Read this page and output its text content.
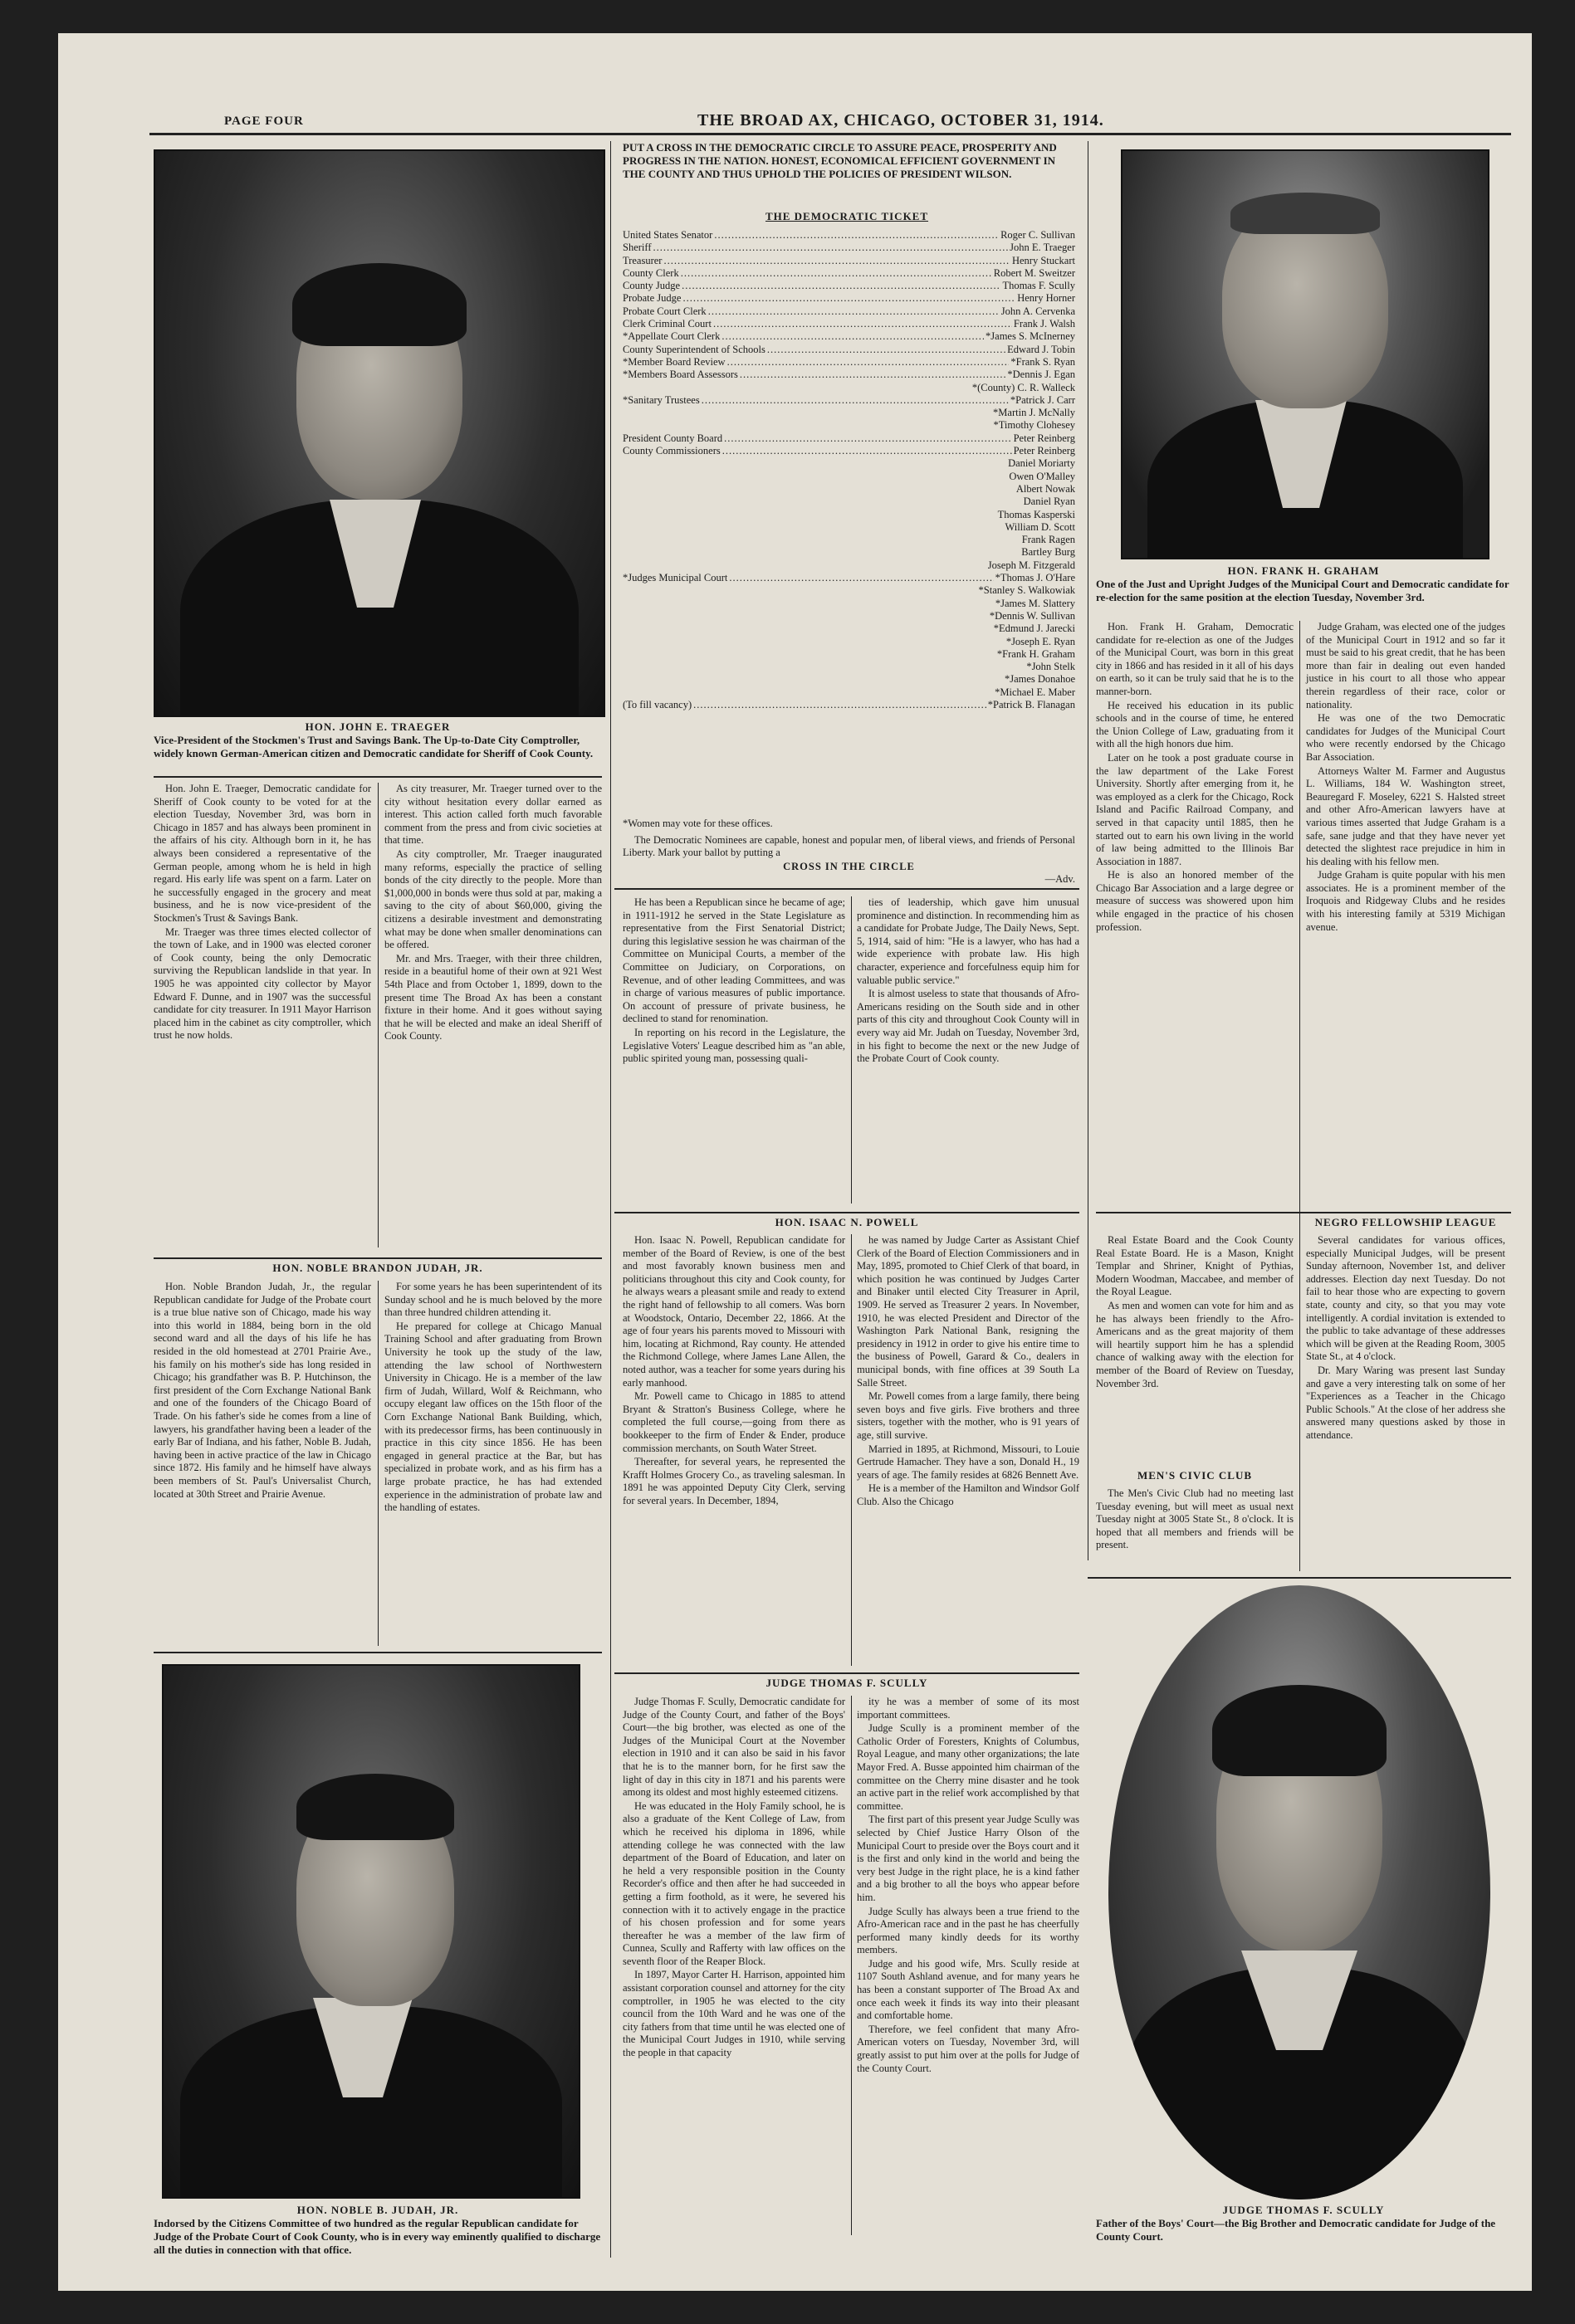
PAGE FOUR	THE BROAD AX, CHICAGO, OCTOBER 31, 1914.
HON. JOHN E. TRAEGER
Vice-President of the Stockmen's Trust and Savings Bank. The Up-to-Date City Comptroller, widely known German-American citizen and Democratic candidate for Sheriff of Cook County.

Hon. John E. Traeger, Democratic candidate for Sheriff of Cook county to be voted for at the election Tuesday, November 3rd, was born in Chicago in 1857 and has always been prominent in the affairs of his city. Although born in it, he has always been considered a representative of the German people, among whom he is held in high regard. His early life was spent on a farm. Later on he successfully engaged in the grocery and meat business, and he is now vice-president of the Stockmen's Trust & Savings Bank.

Mr. Traeger was three times elected collector of the town of Lake, and in 1900 was elected coroner of Cook county, being the only Democratic surviving the Republican landslide in that year. In 1905 he was appointed city collector by Mayor Edward F. Dunne, and in 1907 was the successful candidate for city treasurer. In 1911 Mayor Harrison placed him in the cabinet as city comptroller, which trust he now holds.

As city treasurer, Mr. Traeger turned over to the city without hesitation every dollar earned as interest. This action called forth much favorable comment from the press and from civic societies at that time.

As city comptroller, Mr. Traeger inaugurated many reforms, especially the practice of selling bonds of the city directly to the people. More than $1,000,000 in bonds were thus sold at par, making a saving to the city of about $60,000, giving the citizens a desirable investment and demonstrating what may be done when smaller denominations can be offered.

Mr. and Mrs. Traeger, with their three children, reside in a beautiful home of their own at 921 West 54th Place and from October 1, 1899, down to the present time The Broad Ax has been a constant fixture in their home. And it goes without saying that he will be elected and make an ideal Sheriff of Cook County.

PUT A CROSS IN THE DEMOCRATIC CIRCLE TO ASSURE PEACE, PROSPERITY AND PROGRESS IN THE NATION. HONEST, ECONOMICAL EFFICIENT GOVERNMENT IN THE COUNTY AND THUS UPHOLD THE POLICIES OF PRESIDENT WILSON.
THE DEMOCRATIC TICKET
United States Senator .....	Roger C. Sullivan
Sheriff .....	John E. Traeger
Treasurer .....	Henry Stuckart
County Clerk .....	Robert M. Sweitzer
County Judge .....	Thomas F. Scully
Probate Judge .....	Henry Horner
Probate Court Clerk .....	John A. Cervenka
Clerk Criminal Court .....	Frank J. Walsh
*Appellate Court Clerk .....	*James S. McInerney
County Superintendent of Schools .....	Edward J. Tobin
*Member Board Review .....	*Frank S. Ryan
*Members Board Assessors .....	*Dennis J. Egan
*(County) C. R. Walleck
*Sanitary Trustees .....	*Patrick J. Carr
*Martin J. McNally
*Timothy Clohesey
President County Board .....	Peter Reinberg
County Commissioners .....	Peter Reinberg
Daniel Moriarty
Owen O'Malley
Albert Nowak
Daniel Ryan
Thomas Kasperski
William D. Scott
Frank Ragen
Bartley Burg
Joseph M. Fitzgerald
*Judges Municipal Court .....	*Thomas J. O'Hare
*Stanley S. Walkowiak
*James M. Slattery
*Dennis W. Sullivan
*Edmund J. Jarecki
*Joseph E. Ryan
*Frank H. Graham
*John Stelk
*James Donahoe
*Michael E. Maber
(To fill vacancy) .....	*Patrick B. Flanagan
*Women may vote for these offices.

The Democratic Nominees are capable, honest and popular men, of liberal views, and friends of Personal Liberty. Mark your ballot by putting a

CROSS IN THE CIRCLE
—Adv.

He has been a Republican since he became of age; in 1911-1912 he served in the State Legislature as representative from the First Senatorial District; during this legislative session he was chairman of the Committee on Municipal Courts, a member of the Committee on Judiciary, on Corporations, on Revenue, and of other leading Committees, and was in charge of various measures of public importance. On account of pressure of private business, he declined to stand for renomination.

In reporting on his record in the Legislature, the Legislative Voters' League described him as "an able, public spirited young man, possessing quali-

ties of leadership, which gave him unusual prominence and distinction. In recommending him as a candidate for Probate Judge, The Daily News, Sept. 5, 1914, said of him: "He is a lawyer, who has had a wide experience with probate law. His high character, experience and forcefulness equip him for valuable public service."

It is almost useless to state that thousands of Afro-Americans residing on the South side and in other parts of this city and throughout Cook County will in every way aid Mr. Judah on Tuesday, November 3rd, in his fight to become the next or the new Judge of the Probate Court of Cook county.

HON. ISAAC N. POWELL

Hon. Isaac N. Powell, Republican candidate for member of the Board of Review, is one of the best and most favorably known business men and politicians throughout this city and Cook county, for he always wears a pleasant smile and ready to extend the right hand of fellowship to all comers. Was born at Woodstock, Ontario, December 22, 1866. At the age of four years his parents moved to Missouri with him, locating at Richmond, Ray county. He attended the Richmond College, where James Lane Allen, the noted author, was a teacher for some years during his early manhood.

Mr. Powell came to Chicago in 1885 to attend Bryant & Stratton's Business College, where he completed the full course,—going from there as bookkeeper to the firm of Ender & Ender, produce commission merchants, on South Water Street.

Thereafter, for several years, he represented the Krafft Holmes Grocery Co., as traveling salesman. In 1891 he was appointed Deputy City Clerk, serving for several years. In December, 1894,

he was named by Judge Carter as Assistant Chief Clerk of the Board of Election Commissioners and in May, 1895, promoted to Chief Clerk of that board, in which position he was continued by Judges Carter and Binaker until elected City Treasurer in April, 1909. He served as Treasurer 2 years. In November, 1910, he was elected President and Director of the Washington Park National Bank, resigning the presidency in 1912 in order to give his entire time to the business of Powell, Garard & Co., dealers in municipal bonds, with fine offices at 39 South La Salle Street.

Mr. Powell comes from a large family, there being seven boys and five girls. Five brothers and three sisters, together with the mother, who is 91 years of age, still survive.

Married in 1895, at Richmond, Missouri, to Louie Gertrude Hamacher. They have a son, Donald H., 19 years of age. The family resides at 6826 Bennett Ave.

He is a member of the Hamilton and Windsor Golf Club. Also the Chicago

HON. FRANK H. GRAHAM
One of the Just and Upright Judges of the Municipal Court and Democratic candidate for re-election for the same position at the election Tuesday, November 3rd.

Hon. Frank H. Graham, Democratic candidate for re-election as one of the Judges of the Municipal Court, was born in this great city in 1866 and has resided in it all of his days on earth, so it can be truly said that he is to the manner-born.

He received his education in its public schools and in the course of time, he entered the Union College of Law, graduating from it with all the high honors due him.

Later on he took a post graduate course in the law department of the Lake Forest University. Shortly after emerging from it, he was employed as a clerk for the Chicago, Rock Island and Pacific Railroad Company, and served in that capacity until 1885, then he started out to earn his own living in the world of law being admitted to the Illinois Bar Association in 1887.

He is also an honored member of the Chicago Bar Association and a large degree or measure of success was showered upon him while engaged in the practice of his chosen profession.

Judge Graham, was elected one of the judges of the Municipal Court in 1912 and so far it must be said to his great credit, that he has been more than fair in dealing out even handed justice in his court to all those who appear therein regardless of their race, color or nationality.

He was one of the two Democratic candidates for Judges of the Municipal Court who were recently endorsed by the Chicago Bar Association.

Attorneys Walter M. Farmer and Augustus L. Williams, 184 W. Washington street, Beauregard F. Moseley, 6221 S. Halsted street and other Afro-American lawyers have at various times asserted that Judge Graham is a safe, sane judge and that they have never yet detected the slightest race prejudice in him in his dealing with his fellow men.

Judge Graham is quite popular with his men associates. He is a prominent member of the Iroquois and Ridgeway Clubs and he resides with his interesting family at 5319 Michigan avenue.

Real Estate Board and the Cook County Real Estate Board. He is a Mason, Knight Templar and Shriner, Knight of Pythias, Modern Woodman, Maccabee, and member of the Royal League.

As men and women can vote for him and as he has always been friendly to the Afro-Americans and as the great majority of them will heartily support him he has a splendid chance of walking away with the election for member of the Board of Review on Tuesday, November 3rd.

MEN'S CIVIC CLUB

The Men's Civic Club had no meeting last Tuesday evening, but will meet as usual next Tuesday night at 3005 State St., 8 o'clock. It is hoped that all members and friends will be present.

NEGRO FELLOWSHIP LEAGUE

Several candidates for various offices, especially Municipal Judges, will be present Sunday afternoon, November 1st, and deliver addresses. Election day next Tuesday. Do not fail to hear those who are expecting to govern state, county and city, so that you may vote intelligently. A cordial invitation is extended to the public to take advantage of these addresses which will be given at the Reading Room, 3005 State St., at 4 o'clock.

Dr. Mary Waring was present last Sunday and gave a very interesting talk on some of her "Experiences as a Teacher in the Chicago Public Schools." At the close of her address she answered many questions asked by those in attendance.

HON. NOBLE BRANDON JUDAH, JR.

Hon. Noble Brandon Judah, Jr., the regular Republican candidate for Judge of the Probate court is a true blue native son of Chicago, made his way into this world in 1884, being born in the old second ward and all the days of his life he has resided in the old homestead at 2701 Prairie Ave., his family on his mother's side has long resided in Chicago; his grandfather was B. P. Hutchinson, the first president of the Corn Exchange National Bank and one of the founders of the Chicago Board of Trade. On his father's side he comes from a line of lawyers, his grandfather having been a leader of the early Bar of Indiana, and his father, Noble B. Judah, having been in active practice of the law in Chicago since 1872. His family and he himself have always been members of St. Paul's Universalist Church, located at 30th Street and Prairie Avenue.

For some years he has been superintendent of its Sunday school and he is much beloved by the more than three hundred children attending it.

He prepared for college at Chicago Manual Training School and after graduating from Brown University he took up the study of the law, attending the law school of Northwestern University in Chicago. He is a member of the law firm of Judah, Willard, Wolf & Reichmann, who occupy elegant law offices on the 15th floor of the Corn Exchange National Bank Building, which, with its predecessor firms, has been continuously in practice in this city since 1856. He has been engaged in general practice at the Bar, but has specialized in probate work, and as his firm has a large probate practice, he has had extended experience in the administration of probate law and the handling of estates.

HON. NOBLE B. JUDAH, JR.
Indorsed by the Citizens Committee of two hundred as the regular Republican candidate for Judge of the Probate Court of Cook County, who is in every way eminently qualified to discharge all the duties in connection with that office.
JUDGE THOMAS F. SCULLY

Judge Thomas F. Scully, Democratic candidate for Judge of the County Court, and father of the Boys' Court—the big brother, was elected as one of the Judges of the Municipal Court at the November election in 1910 and it can also be said in his favor that he is to the manner born, for he first saw the light of day in this city in 1871 and his parents were among its oldest and most highly esteemed citizens.

He was educated in the Holy Family school, he is also a graduate of the Kent College of Law, from which he received his diploma in 1896, while attending college he was connected with the law department of the Board of Education, and later on he held a very responsible position in the County Recorder's office and then after he had succeeded in getting a firm foothold, as it were, he severed his connection with it to actively engage in the practice of his chosen profession and for some years thereafter he was a member of the law firm of Cunnea, Scully and Rafferty with law offices on the seventh floor of the Reaper Block.

In 1897, Mayor Carter H. Harrison, appointed him assistant corporation counsel and attorney for the city comptroller, in 1905 he was elected to the city council from the 10th Ward and he was one of the city fathers from that time until he was elected one of the Municipal Court Judges in 1910, while serving the people in that capacity

ity he was a member of some of its most important committees.

Judge Scully is a prominent member of the Catholic Order of Foresters, Knights of Columbus, Royal League, and many other organizations; the late Mayor Fred. A. Busse appointed him chairman of the committee on the Cherry mine disaster and he took an active part in the relief work accomplished by that committee.

The first part of this present year Judge Scully was selected by Chief Justice Harry Olson of the Municipal Court to preside over the Boys court and it is the first and only kind in the world and being the very best Judge in the right place, he is a kind father and a big brother to all the boys who appear before him.

Judge Scully has always been a true friend to the Afro-American race and in the past he has cheerfully performed many kindly deeds for its worthy members.

Judge and his good wife, Mrs. Scully reside at 1107 South Ashland avenue, and for many years he has been a constant supporter of The Broad Ax and once each week it finds its way into their pleasant and comfortable home.

Therefore, we feel confident that many Afro-American voters on Tuesday, November 3rd, will greatly assist to put him over at the polls for Judge of the County Court.

JUDGE THOMAS F. SCULLY
Father of the Boys' Court—the Big Brother and Democratic candidate for Judge of the County Court.
